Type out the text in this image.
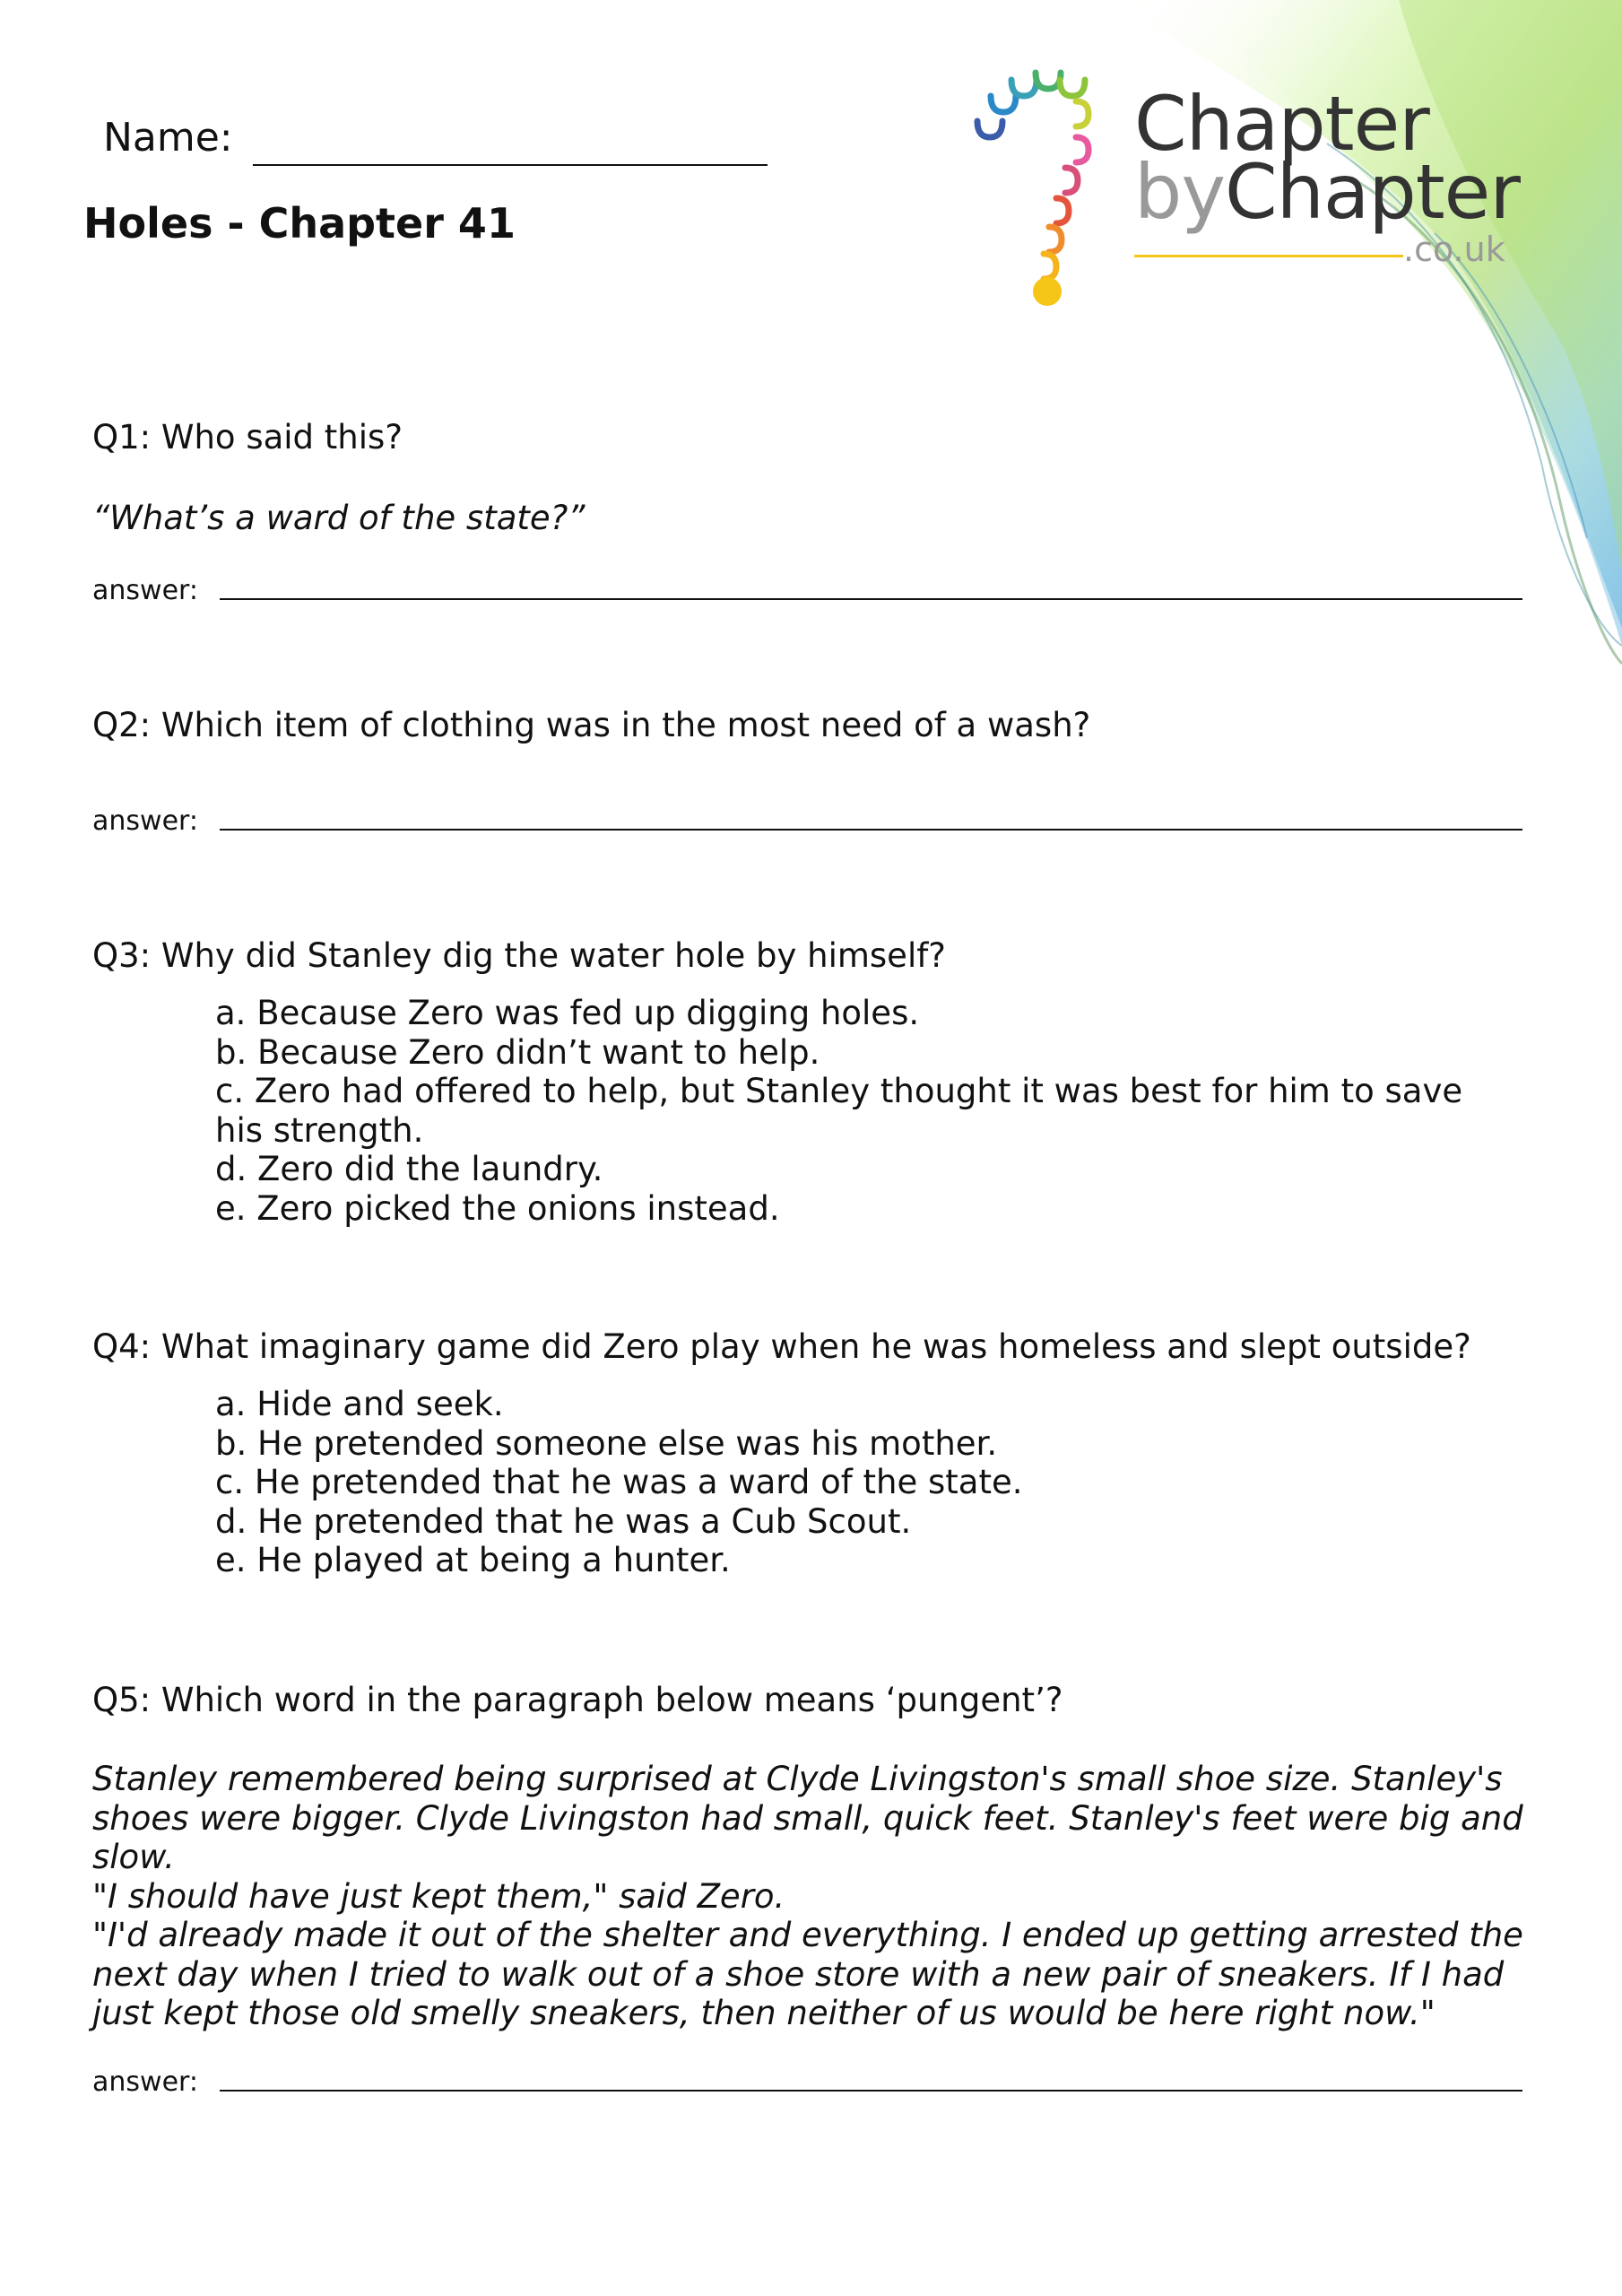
Name:
Holes - Chapter 41
Chapter
byChapter
.co.uk
Q1: Who said this?
“What’s a ward of the state?”
answer:
Q2: Which item of clothing was in the most need of a wash?
answer:
Q3: Why did Stanley dig the water hole by himself?
a. Because Zero was fed up digging holes.
b. Because Zero didn’t want to help.
c. Zero had offered to help, but Stanley thought it was best for him to save his strength.
d. Zero did the laundry.
e. Zero picked the onions instead.
Q4: What imaginary game did Zero play when he was homeless and slept outside?
a. Hide and seek.
b. He pretended someone else was his mother.
c. He pretended that he was a ward of the state.
d. He pretended that he was a Cub Scout.
e. He played at being a hunter.
Q5: Which word in the paragraph below means ‘pungent’?

Stanley remembered being surprised at Clyde Livingston's small shoe size. Stanley's shoes were bigger. Clyde Livingston had small, quick feet. Stanley's feet were big and slow.

"I should have just kept them," said Zero.

"I'd already made it out of the shelter and everything. I ended up getting arrested the next day when I tried to walk out of a shoe store with a new pair of sneakers. If I had just kept those old smelly sneakers, then neither of us would be here right now."

answer:
